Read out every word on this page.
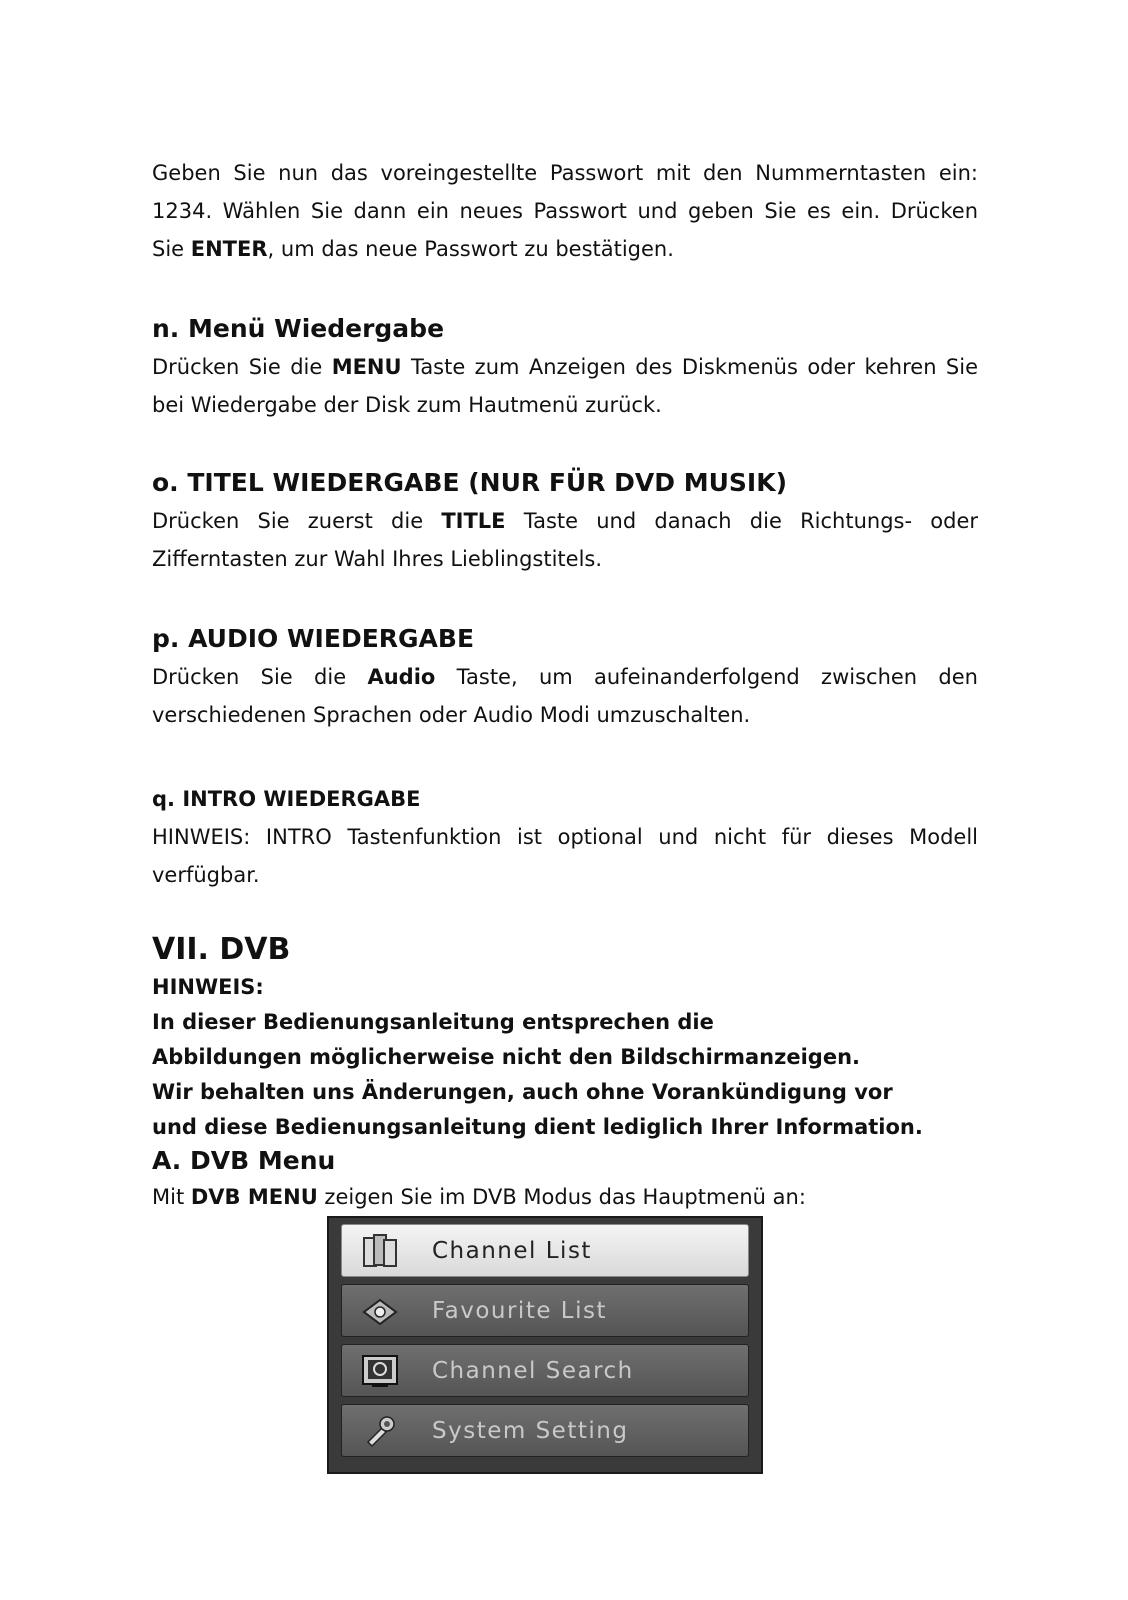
Geben Sie nun das voreingestellte Passwort mit den Nummerntasten ein:

1234. Wählen Sie dann ein neues Passwort und geben Sie es ein. Drücken

Sie ENTER, um das neue Passwort zu bestätigen.

n. Menü Wiedergabe

Drücken Sie die MENU Taste zum Anzeigen des Diskmenüs oder kehren Sie

bei Wiedergabe der Disk zum Hautmenü zurück.

o. TITEL WIEDERGABE (NUR FÜR DVD MUSIK)

Drücken Sie zuerst die TITLE Taste und danach die Richtungs- oder

Zifferntasten zur Wahl Ihres Lieblingstitels.

p. AUDIO WIEDERGABE

Drücken Sie die Audio Taste, um aufeinanderfolgend zwischen den

verschiedenen Sprachen oder Audio Modi umzuschalten.

q. INTRO WIEDERGABE

HINWEIS: INTRO Tastenfunktion ist optional und nicht für dieses Modell

verfügbar.

VII. DVB

HINWEIS:

In dieser Bedienungsanleitung entsprechen die

Abbildungen möglicherweise nicht den Bildschirmanzeigen.

Wir behalten uns Änderungen, auch ohne Vorankündigung vor

und diese Bedienungsanleitung dient lediglich Ihrer Information.

A. DVB Menu

Mit DVB MENU zeigen Sie im DVB Modus das Hauptmenü an:

Channel List
Favourite List
Channel Search
System Setting
